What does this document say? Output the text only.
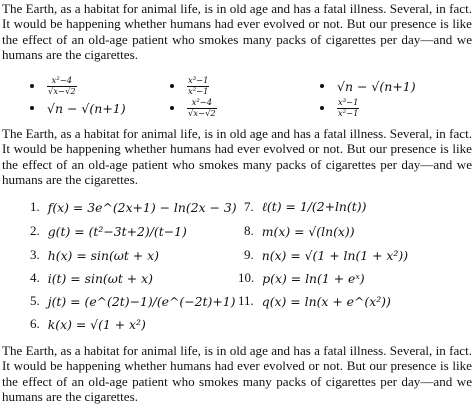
The Earth, as a habitat for animal life, is in old age and has a fatal illness. Several, in fact. It would be happening whether humans had ever evolved or not. But our presence is like the effect of an old-age patient who smokes many packs of cigarettes per day—and we humans are the cigarettes.
$\frac{\text{x²−4}}{√x-√2}$	$\frac{\text{x³−1}}{\text{x²−1}}$	√n − √(n+1)
√n − √(n+1)	$\frac{\text{x²−4}}{√x-√2}$	$\frac{\text{x³−1}}{\text{x²−1}}$
The Earth, as a habitat for animal life, is in old age and has a fatal illness. Several, in fact. It would be happening whether humans had ever evolved or not. But our presence is like the effect of an old-age patient who smokes many packs of cigarettes per day—and we humans are the cigarettes.
1. f(x) = 3e^(2x+1) − ln(2x − 3)
2. g(t) = (t²−3t+2)/(t−1)
3. h(x) = sin(ωt + x)
4. i(t) = sin(ωt + x)
5. j(t) = (e^(2t)−1)/(e^(−2t)+1)
6. k(x) = √(1 + x²)
7. ℓ(t) = 1/(2+ln(t))
8. m(x) = √(ln(x))
9. n(x) = √(1 + ln(1 + x²))
10. p(x) = ln(1 + eˣ)
11. q(x) = ln(x + e^(x²))
The Earth, as a habitat for animal life, is in old age and has a fatal illness. Several, in fact. It would be happening whether humans had ever evolved or not. But our presence is like the effect of an old-age patient who smokes many packs of cigarettes per day—and we humans are the cigarettes.
